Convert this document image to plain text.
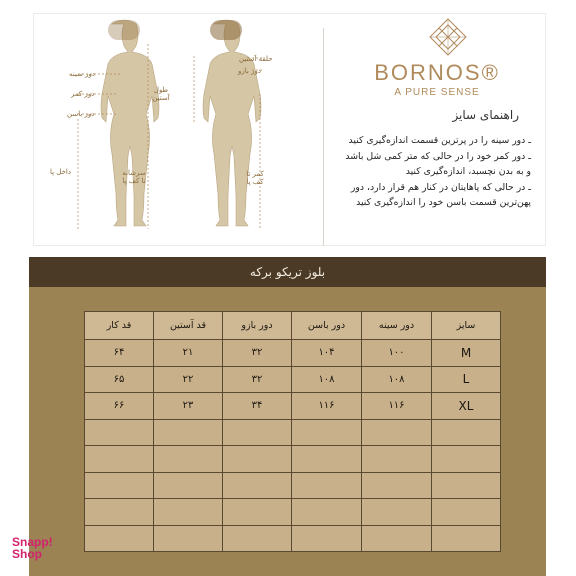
دور سینه
دور کمر
دور باسن
داخل پا	سرشانه تا کف پا
حلقه آستین
دور بازو
طول آستین
کمر تا کف پا
BORNOS®
A PURE SENSE
راهنمای سایز
ـ دور سینه را در پرترین قسمت اندازه‌گیری کنید
ـ دور کمر خود را در حالی که متر کمی شل باشد
و به بدن نچسبد، اندازه‌گیری کنید
ـ در حالی که پاهایتان در کنار هم قرار دارد، دور
پهن‌ترین قسمت باسن خود را اندازه‌گیری کنید
بلوز تریکو برکه
سایز	دور سینه	دور باسن	دور بازو	قد آستین	قد کار
M	۱۰۰	۱۰۴	۳۲	۲۱	۶۴
L	۱۰۸	۱۰۸	۳۲	۲۲	۶۵
XL	۱۱۶	۱۱۶	۳۴	۲۳	۶۶

Snapp!
Shop
